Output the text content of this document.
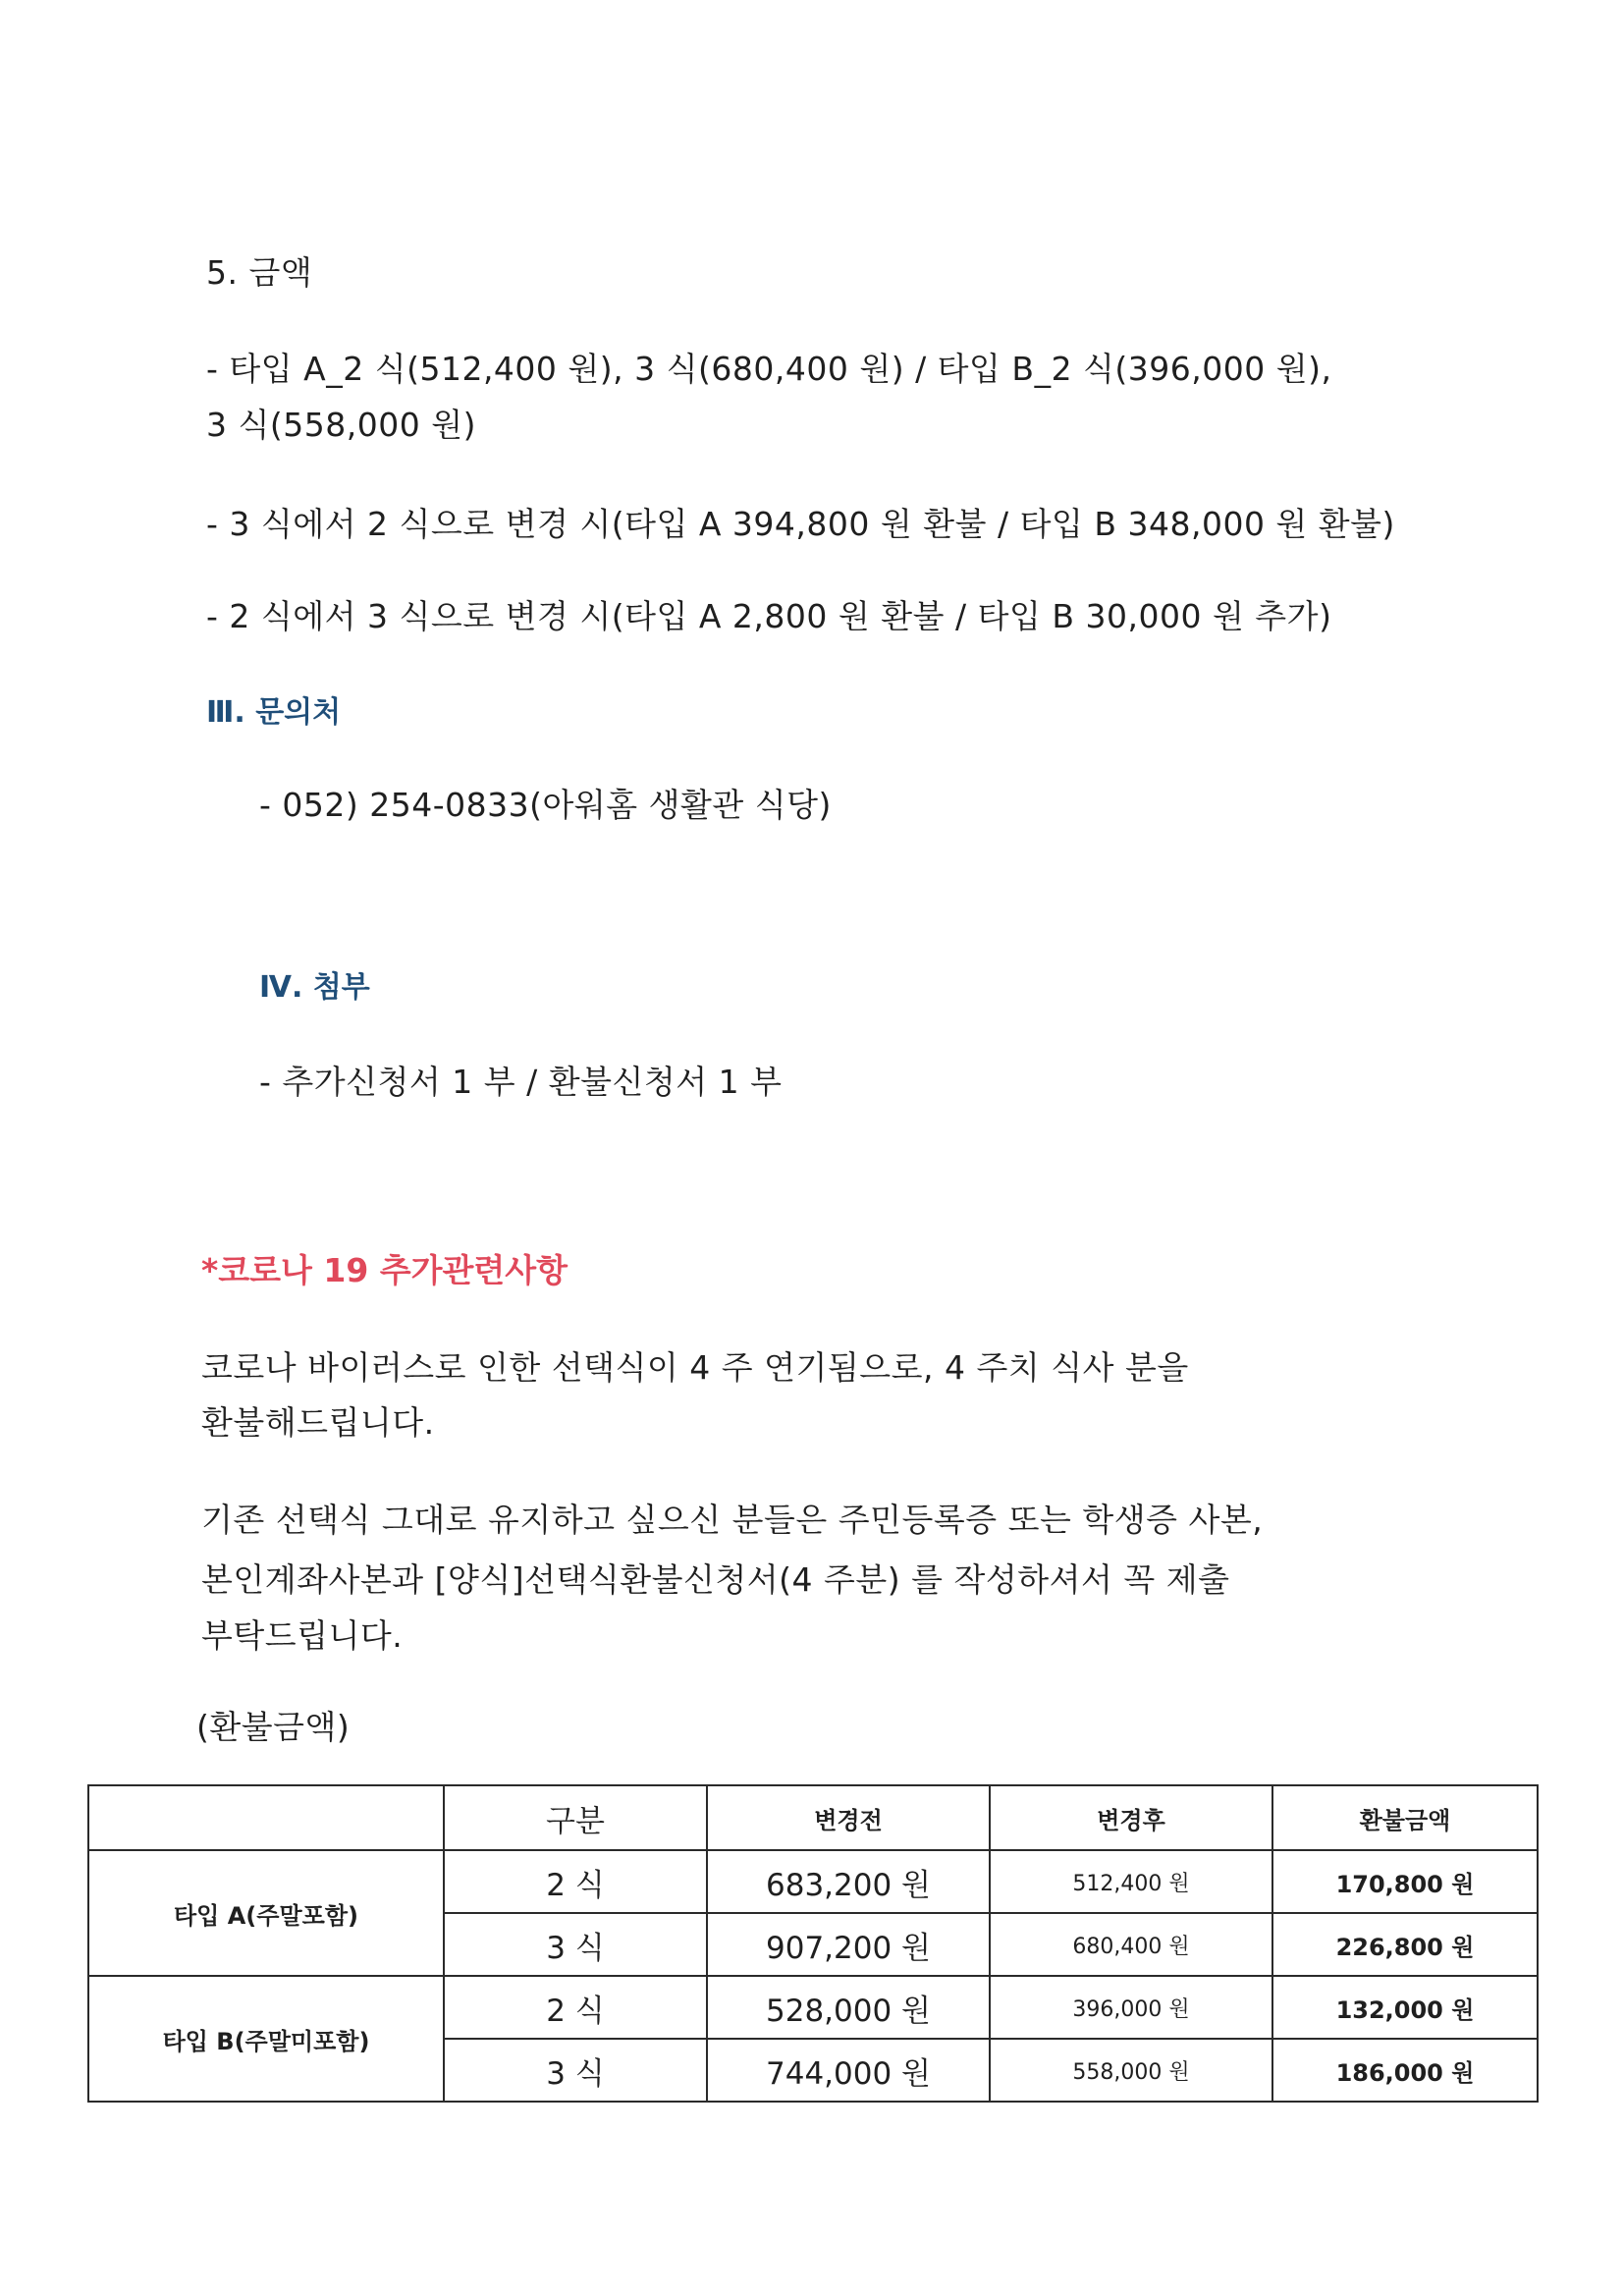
5. 금액
- 타입 A_2 식(512,400 원), 3 식(680,400 원) / 타입 B_2 식(396,000 원),
3 식(558,000 원)
- 3 식에서 2 식으로 변경 시(타입 A 394,800 원 환불 / 타입 B 348,000 원 환불)
- 2 식에서 3 식으로 변경 시(타입 A 2,800 원 환불 / 타입 B 30,000 원 추가)
Ⅲ. 문의처
- 052) 254-0833(아워홈 생활관 식당)
Ⅳ. 첨부
- 추가신청서 1 부 / 환불신청서 1 부
*코로나 19 추가관련사항
코로나 바이러스로 인한 선택식이 4 주 연기됨으로, 4 주치 식사 분을
환불해드립니다.
기존 선택식 그대로 유지하고 싶으신 분들은 주민등록증 또는 학생증 사본,
본인계좌사본과 [양식]선택식환불신청서(4 주분) 를 작성하셔서 꼭 제출
부탁드립니다.
(환불금액)
	구분	변경전	변경후	환불금액
타입 A(주말포함)	2 식	683,200 원	512,400 원	170,800 원
	3 식	907,200 원	680,400 원	226,800 원
타입 B(주말미포함)	2 식	528,000 원	396,000 원	132,000 원
	3 식	744,000 원	558,000 원	186,000 원
